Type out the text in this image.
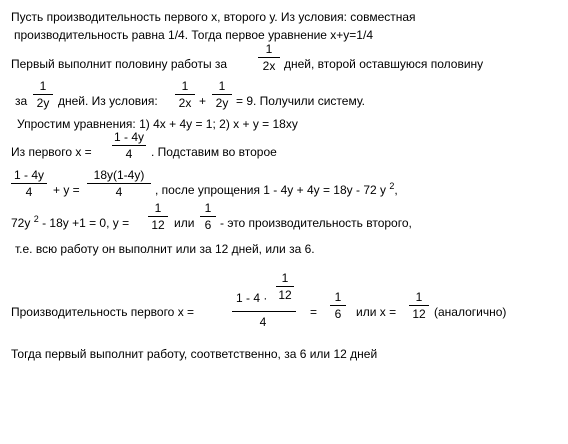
Пусть производительность первого х, второго у. Из условия: совместная
производительность равна 1/4. Тогда первое уравнение х+у=1/4
Первый выполнит половину работы за
1
2х дней, второй оставшуюся половину
за
1
2у дней. Из условия:
1
2х +
1
2у = 9. Получили систему.
Упростим уравнения: 1) 4х + 4у = 1; 2) х + у = 18ху
Из первого х =
1 - 4у
4	. Подставим во второе
1 - 4у
4	+ у =
18у(1-4у)
4	, после упрощения 1 - 4у + 4у = 18у - 72 у $^2$,
72у $^2$ - 18у +1 = 0, у =
1
12 или
1
6 - это производительность второго,
т.е. всю работу он выполнит или за 12 дней, или за 6.
Производительность первого х =
1 - 4 ·
1
12
4
=
1
6	или х =
1
12 (аналогично)
Тогда первый выполнит работу, соответственно, за 6 или 12 дней
